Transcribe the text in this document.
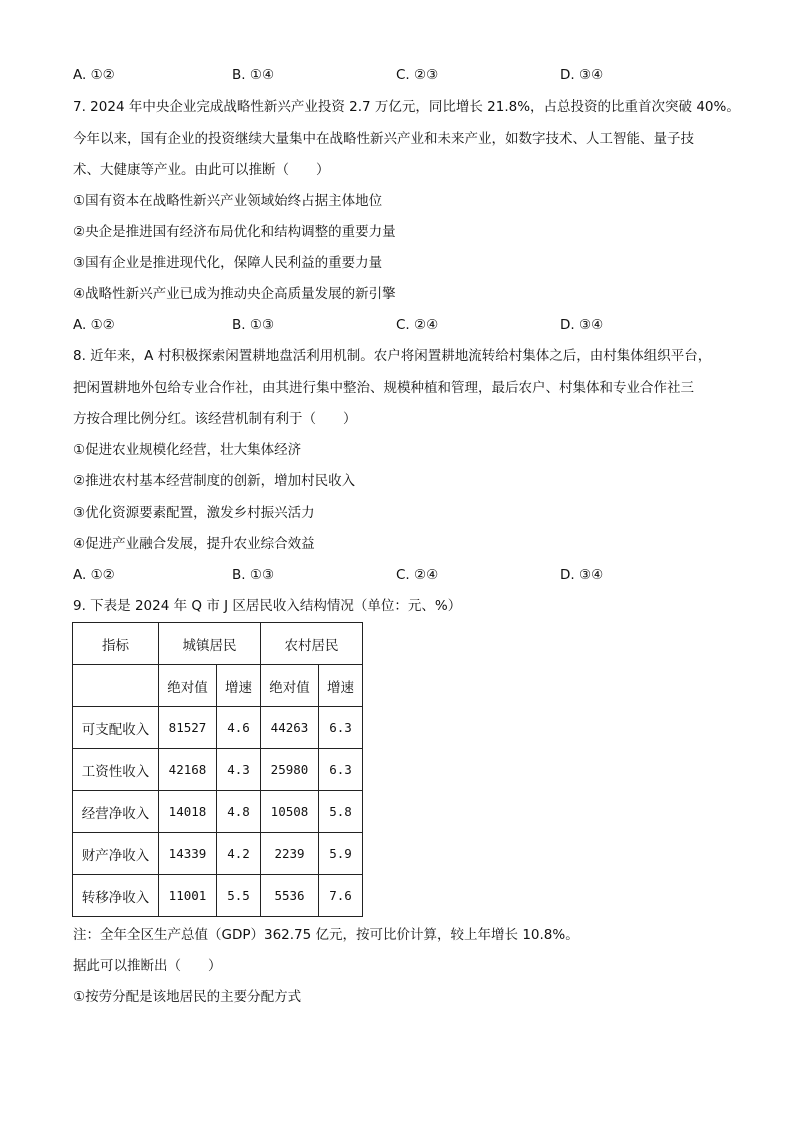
A. ①②	B. ①④	C. ②③	D. ③④
7. 2024 年中央企业完成战略性新兴产业投资 2.7 万亿元，同比增长 21.8%，占总投资的比重首次突破 40%。
今年以来，国有企业的投资继续大量集中在战略性新兴产业和未来产业，如数字技术、人工智能、量子技
术、大健康等产业。由此可以推断（　　）
①国有资本在战略性新兴产业领域始终占据主体地位
②央企是推进国有经济布局优化和结构调整的重要力量
③国有企业是推进现代化，保障人民利益的重要力量
④战略性新兴产业已成为推动央企高质量发展的新引擎
A. ①②	B. ①③	C. ②④	D. ③④
8. 近年来，A 村积极探索闲置耕地盘活利用机制。农户将闲置耕地流转给村集体之后，由村集体组织平台，
把闲置耕地外包给专业合作社，由其进行集中整治、规模种植和管理，最后农户、村集体和专业合作社三
方按合理比例分红。该经营机制有利于（　　）
①促进农业规模化经营，壮大集体经济
②推进农村基本经营制度的创新，增加村民收入
③优化资源要素配置，激发乡村振兴活力
④促进产业融合发展，提升农业综合效益
A. ①②	B. ①③	C. ②④	D. ③④
9. 下表是 2024 年 Q 市 J 区居民收入结构情况（单位：元、%）
指标	城镇居民		农村居民	
	绝对值	增速	绝对值	增速
可支配收入	81527	4.6	44263	6.3
工资性收入	42168	4.3	25980	6.3
经营净收入	14018	4.8	10508	5.8
财产净收入	14339	4.2	2239	5.9
转移净收入	11001	5.5	5536	7.6
注：全年全区生产总值（GDP）362.75 亿元，按可比价计算，较上年增长 10.8%。
据此可以推断出（　　）
①按劳分配是该地居民的主要分配方式
